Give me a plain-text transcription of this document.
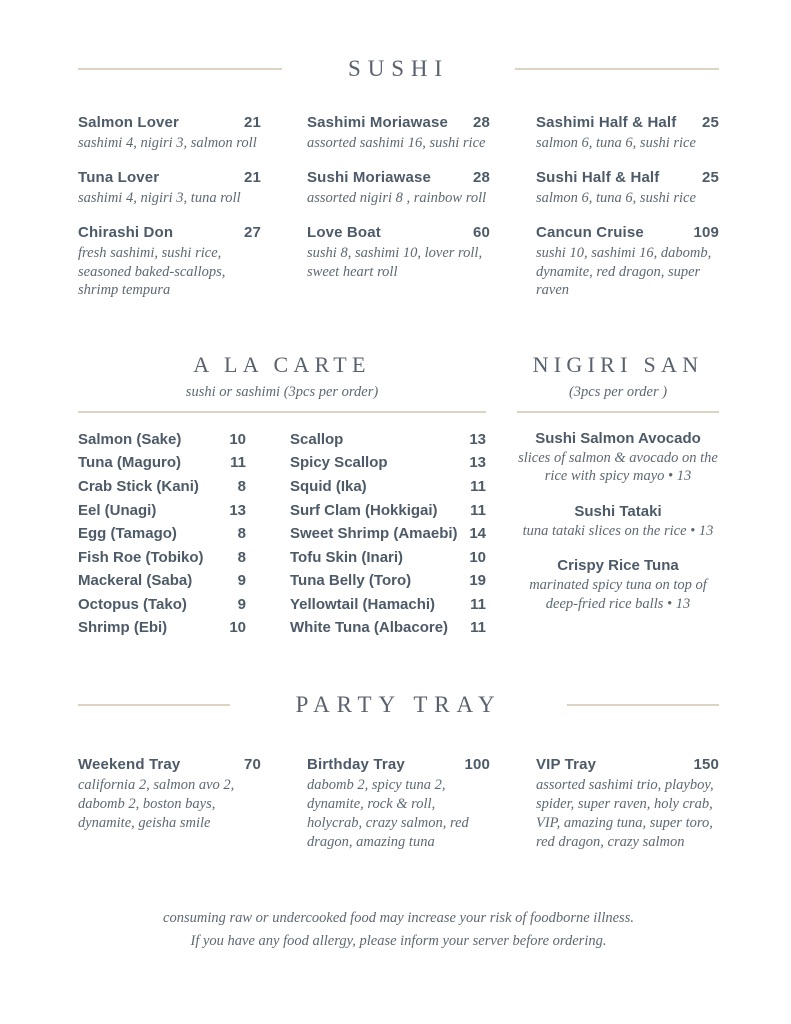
SUSHI
Salmon Lover	21
sashimi 4, nigiri 3, salmon roll
Sashimi Moriawase 28
assorted sashimi 16, sushi rice
Sashimi Half & Half 25
salmon 6, tuna 6, sushi rice
Tuna Lover	21
sashimi 4, nigiri 3, tuna roll
Sushi Moriawase	28
assorted nigiri 8 , rainbow roll
Sushi Half & Half	25
salmon 6, tuna 6, sushi rice
Chirashi Don	27
fresh sashimi, sushi rice, seasoned baked-scallops, shrimp tempura
Love Boat	60
sushi 8, sashimi 10, lover roll, sweet heart roll
Cancun Cruise	109
sushi 10, sashimi 16, dabomb, dynamite, red dragon, super raven
A LA CARTE
sushi or sashimi (3pcs per order)
Salmon (Sake)	10
Tuna (Maguro)	11
Crab Stick (Kani)	8
Eel (Unagi)	13
Egg (Tamago)	8
Fish Roe (Tobiko) 8
Mackeral (Saba)	9
Octopus (Tako)	9
Shrimp (Ebi)	10
Scallop	13
Spicy Scallop	13
Squid (Ika)	11
Surf Clam (Hokkigai) 11
Sweet Shrimp (Amaebi) 14
Tofu Skin (Inari)	10
Tuna Belly (Toro)	19
Yellowtail (Hamachi) 11
White Tuna (Albacore) 11
NIGIRI SAN
(3pcs per order )
Sushi Salmon Avocado
slices of salmon & avocado on the rice with spicy mayo • 13
Sushi Tataki
tuna tataki slices on the rice • 13
Crispy Rice Tuna
marinated spicy tuna on top of deep-fried rice balls • 13
PARTY TRAY
Weekend Tray	70
california 2, salmon avo 2, dabomb 2, boston bays, dynamite, geisha smile
Birthday Tray	100
dabomb 2, spicy tuna 2, dynamite, rock & roll, holycrab, crazy salmon, red dragon, amazing tuna
VIP Tray	150
assorted sashimi trio, playboy, spider, super raven, holy crab, VIP, amazing tuna, super toro, red dragon, crazy salmon
consuming raw or undercooked food may increase your risk of foodborne illness.
If you have any food allergy, please inform your server before ordering.
